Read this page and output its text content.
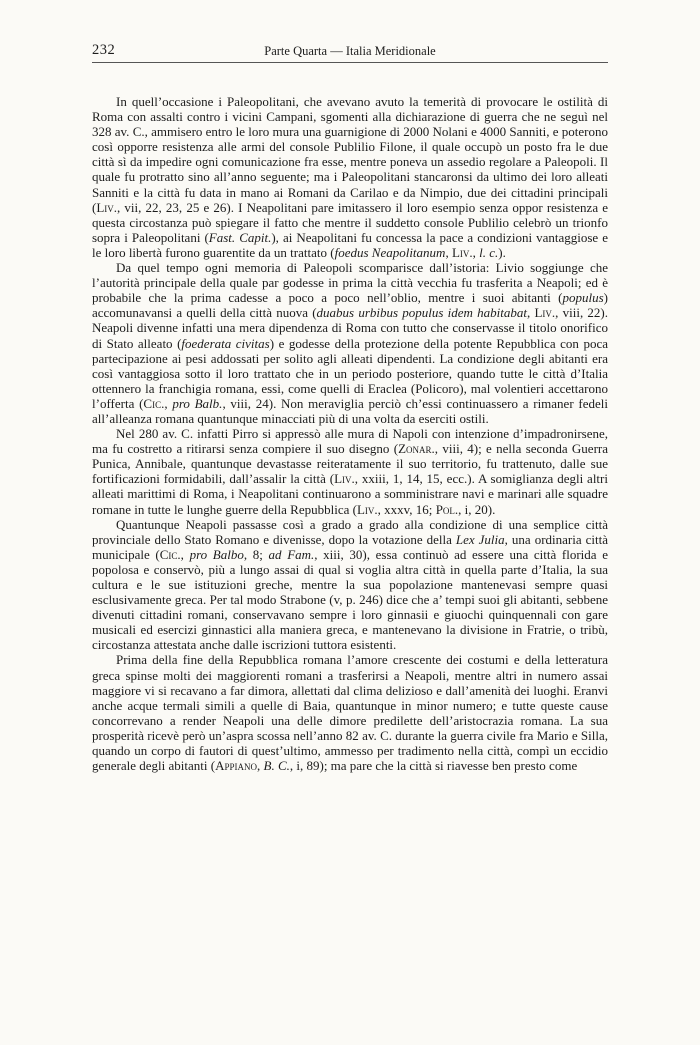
232	Parte Quarta — Italia Meridionale

In quell’occasione i Paleopolitani, che avevano avuto la temerità di provocare le ostilità di Roma con assalti contro i vicini Campani, sgomenti alla dichiarazione di guerra che ne seguì nel 328 av. C., ammisero entro le loro mura una guarnigione di 2000 Nolani e 4000 Sanniti, e poterono così opporre resistenza alle armi del console Publilio Filone, il quale occupò un posto fra le due città sì da impedire ogni comunicazione fra esse, mentre poneva un assedio regolare a Paleopoli. Il quale fu protratto sino all’anno seguente; ma i Paleopolitani stancaronsi da ultimo dei loro alleati Sanniti e la città fu data in mano ai Romani da Carilao e da Nimpio, due dei cittadini principali (Liv., vii, 22, 23, 25 e 26). I Neapolitani pare imitassero il loro esempio senza oppor resistenza e questa circostanza può spiegare il fatto che mentre il suddetto console Publilio celebrò un trionfo sopra i Paleopolitani (Fast. Capit.), ai Neapolitani fu concessa la pace a condizioni vantaggiose e le loro libertà furono guarentite da un trattato (foedus Neapolitanum, Liv., l. c.).

Da quel tempo ogni memoria di Paleopoli scomparisce dall’istoria: Livio soggiunge che l’autorità principale della quale par godesse in prima la città vecchia fu trasferita a Neapoli; ed è probabile che la prima cadesse a poco a poco nell’oblio, mentre i suoi abitanti (populus) accomunavansi a quelli della città nuova (duabus urbibus populus idem habitabat, Liv., viii, 22). Neapoli divenne infatti una mera dipendenza di Roma con tutto che conservasse il titolo onorifico di Stato alleato (foederata civitas) e godesse della protezione della potente Repubblica con poca partecipazione ai pesi addossati per solito agli alleati dipendenti. La condizione degli abitanti era così vantaggiosa sotto il loro trattato che in un periodo posteriore, quando tutte le città d’Italia ottennero la franchigia romana, essi, come quelli di Eraclea (Policoro), mal volentieri accettarono l’offerta (Cic., pro Balb., viii, 24). Non meraviglia perciò ch’essi continuassero a rimaner fedeli all’alleanza romana quantunque minacciati più di una volta da eserciti ostili.

Nel 280 av. C. infatti Pirro si appressò alle mura di Napoli con intenzione d’impadronirsene, ma fu costretto a ritirarsi senza compiere il suo disegno (Zonar., viii, 4); e nella seconda Guerra Punica, Annibale, quantunque devastasse reiteratamente il suo territorio, fu trattenuto, dalle sue fortificazioni formidabili, dall’assalir la città (Liv., xxiii, 1, 14, 15, ecc.). A somiglianza degli altri alleati marittimi di Roma, i Neapolitani continuarono a somministrare navi e marinari alle squadre romane in tutte le lunghe guerre della Repubblica (Liv., xxxv, 16; Pol., i, 20).

Quantunque Neapoli passasse così a grado a grado alla condizione di una semplice città provinciale dello Stato Romano e divenisse, dopo la votazione della Lex Julia, una ordinaria città municipale (Cic., pro Balbo, 8; ad Fam., xiii, 30), essa continuò ad essere una città florida e popolosa e conservò, più a lungo assai di qual si voglia altra città in quella parte d’Italia, la sua cultura e le sue istituzioni greche, mentre la sua popolazione mantenevasi sempre quasi esclusivamente greca. Per tal modo Strabone (v, p. 246) dice che a’ tempi suoi gli abitanti, sebbene divenuti cittadini romani, conservavano sempre i loro ginnasii e giuochi quinquennali con gare musicali ed esercizi ginnastici alla maniera greca, e mantenevano la divisione in Fratrie, o tribù, circostanza attestata anche dalle iscrizioni tuttora esistenti.

Prima della fine della Repubblica romana l’amore crescente dei costumi e della letteratura greca spinse molti dei maggiorenti romani a trasferirsi a Neapoli, mentre altri in numero assai maggiore vi si recavano a far dimora, allettati dal clima delizioso e dall’amenità dei luoghi. Eranvi anche acque termali simili a quelle di Baia, quantunque in minor numero; e tutte queste cause concorrevano a render Neapoli una delle dimore predilette dell’aristocrazia romana. La sua prosperità ricevè però un’aspra scossa nell’anno 82 av. C. durante la guerra civile fra Mario e Silla, quando un corpo di fautori di quest’ultimo, ammesso per tradimento nella città, compì un eccidio generale degli abitanti (Appiano, B. C., i, 89); ma pare che la città si riavesse ben presto come
